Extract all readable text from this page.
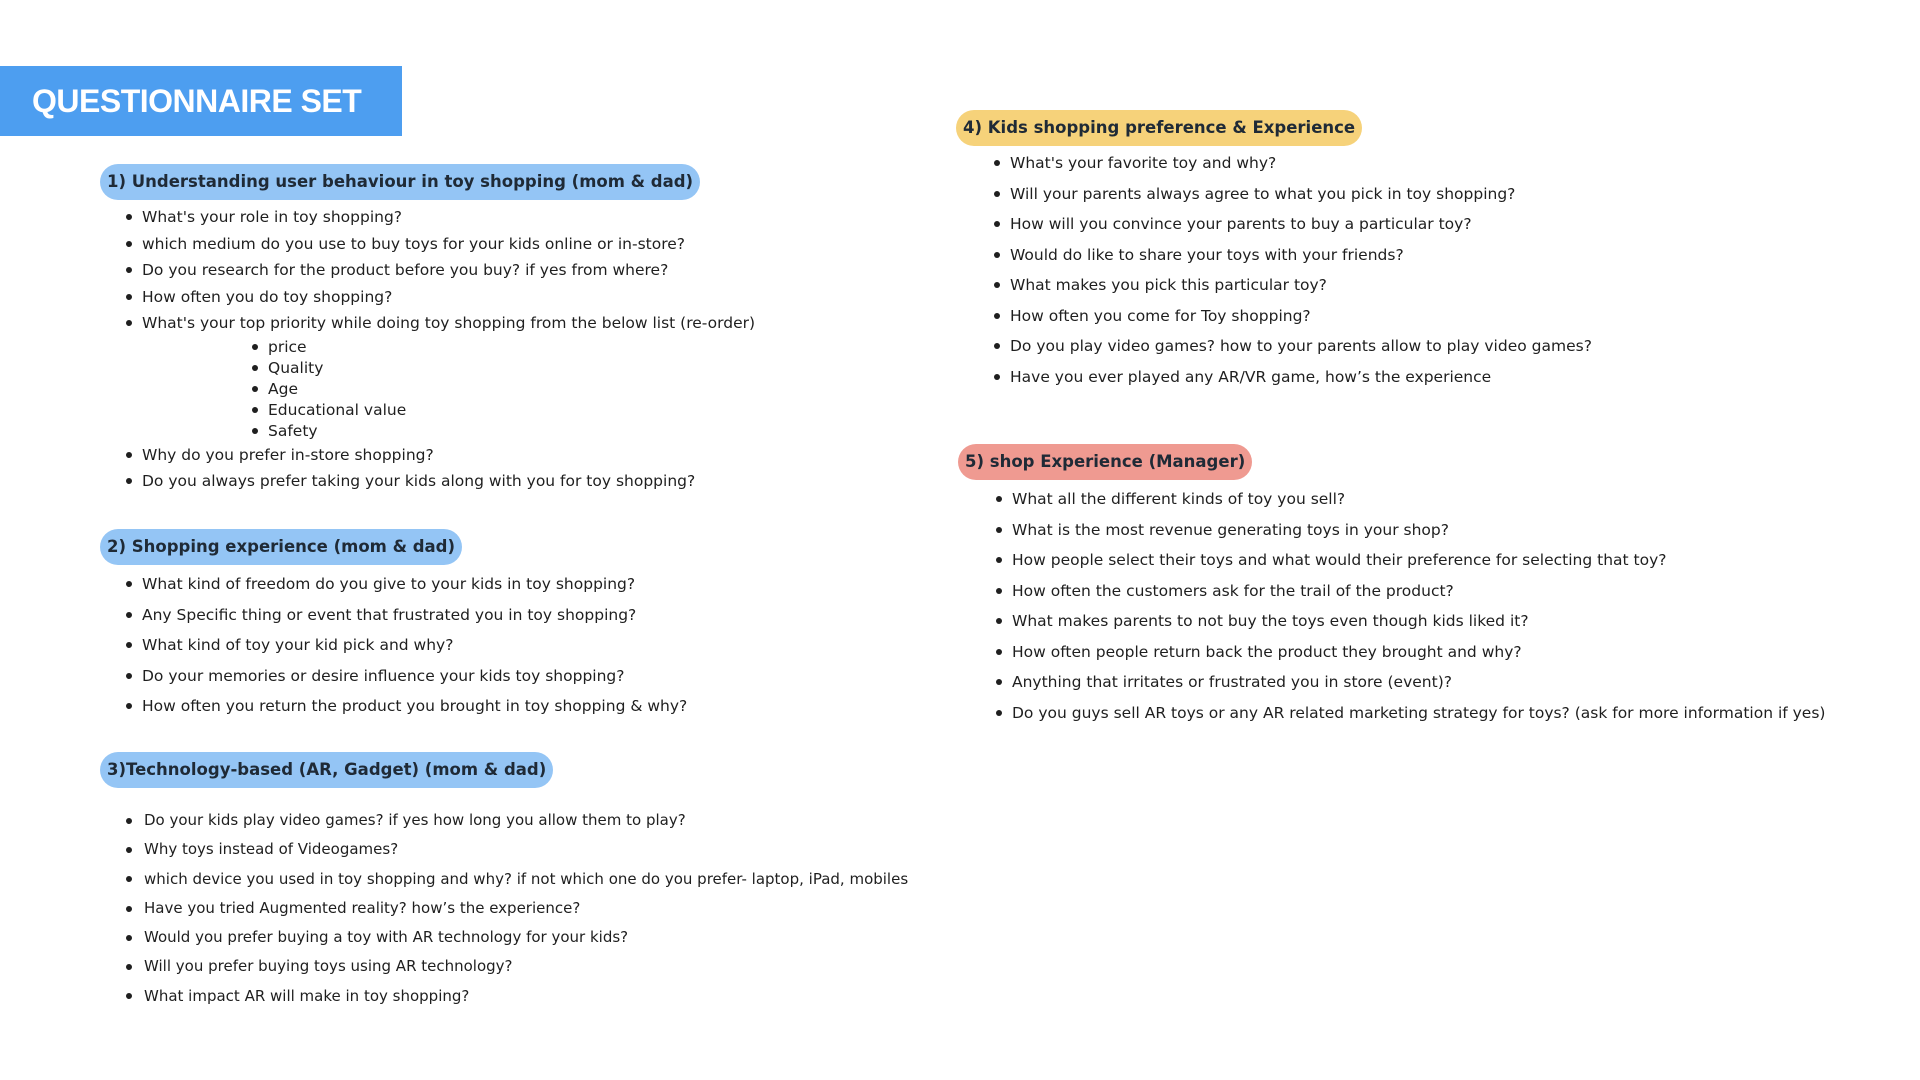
QUESTIONNAIRE SET
1) Understanding user behaviour in toy shopping (mom & dad)
What's your role in toy shopping?
which medium do you use to buy toys for your kids online or in-store?
Do you research for the product before you buy? if yes from where?
How often you do toy shopping?
What's your top priority while doing toy shopping from the below list (re-order)
price
Quality
Age
Educational value
Safety
Why do you prefer in-store shopping?
Do you always prefer taking your kids along with you for toy shopping?
2) Shopping experience (mom & dad)
What kind of freedom do you give to your kids in toy shopping?
Any Specific thing or event that frustrated you in toy shopping?
What kind of toy your kid pick and why?
Do your memories or desire influence your kids toy shopping?
How often you return the product you brought in toy shopping & why?
3)Technology-based (AR, Gadget) (mom & dad)
Do your kids play video games? if yes how long you allow them to play?
Why toys instead of Videogames?
which device you used in toy shopping and why? if not which one do you prefer- laptop, iPad, mobiles
Have you tried Augmented reality? how’s the experience?
Would you prefer buying a toy with AR technology for your kids?
Will you prefer buying toys using AR technology?
What impact AR will make in toy shopping?
4) Kids shopping preference & Experience
What's your favorite toy and why?
Will your parents always agree to what you pick in toy shopping?
How will you convince your parents to buy a particular toy?
Would do like to share your toys with your friends?
What makes you pick this particular toy?
How often you come for Toy shopping?
Do you play video games? how to your parents allow to play video games?
Have you ever played any AR/VR game, how’s the experience
5) shop Experience (Manager)
What all the different kinds of toy you sell?
What is the most revenue generating toys in your shop?
How people select their toys and what would their preference for selecting that toy?
How often the customers ask for the trail of the product?
What makes parents to not buy the toys even though kids liked it?
How often people return back the product they brought and why?
Anything that irritates or frustrated you in store (event)?
Do you guys sell AR toys or any AR related marketing strategy for toys? (ask for more information if yes)
